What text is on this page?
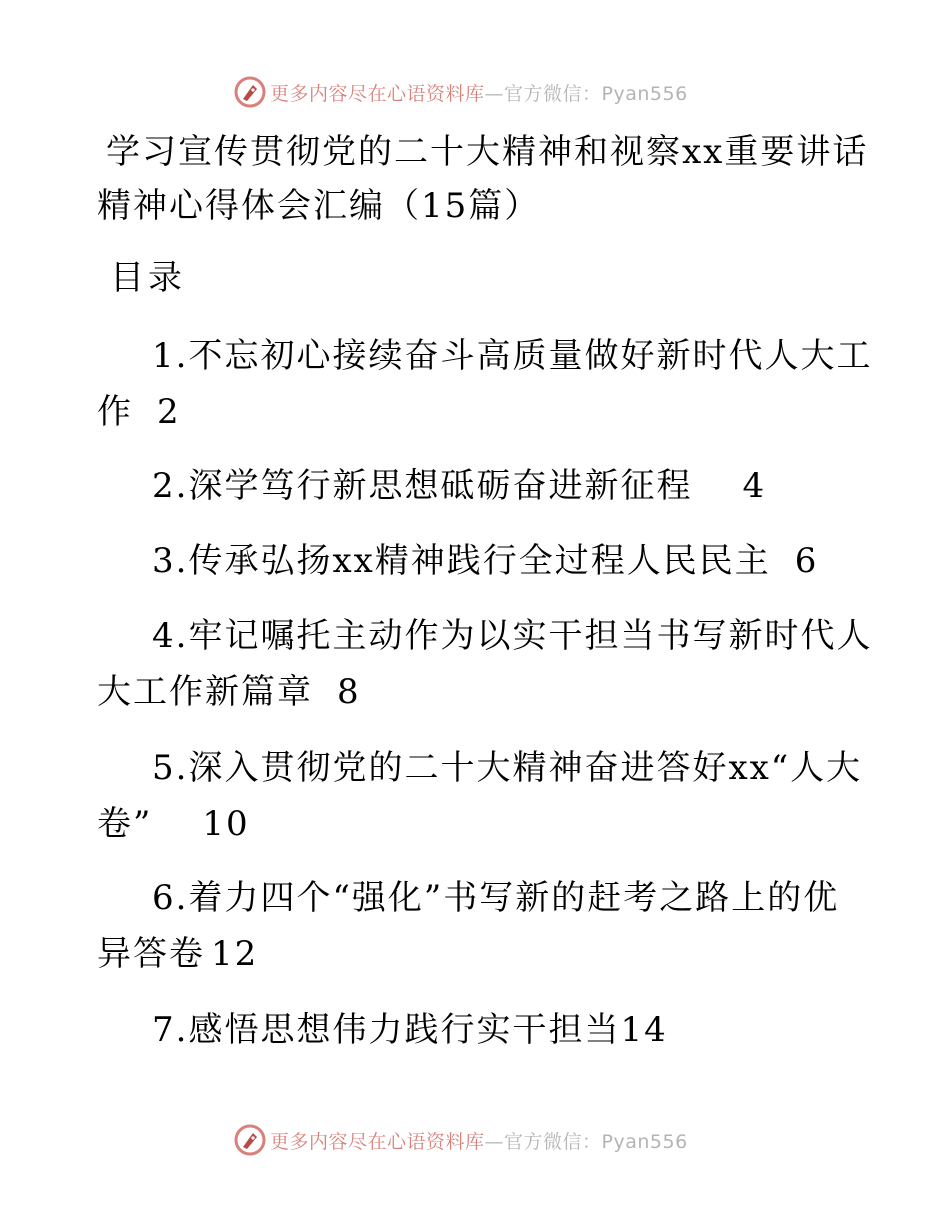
更多内容尽在心语资料库—官方微信：Pyan556
学习宣传贯彻党的二十大精神和视察xx重要讲话
精神心得体会汇编（15篇）
目录
1.不忘初心接续奋斗高质量做好新时代人大工
作 2
2.深学笃行新思想砥砺奋进新征程 4
3.传承弘扬xx精神践行全过程人民民主 6
4.牢记嘱托主动作为以实干担当书写新时代人
大工作新篇章 8
5.深入贯彻党的二十大精神奋进答好xx“人大
卷” 10
6.着力四个“强化”书写新的赶考之路上的优
异答卷 12
7.感悟思想伟力践行实干担当14
更多内容尽在心语资料库—官方微信：Pyan556
